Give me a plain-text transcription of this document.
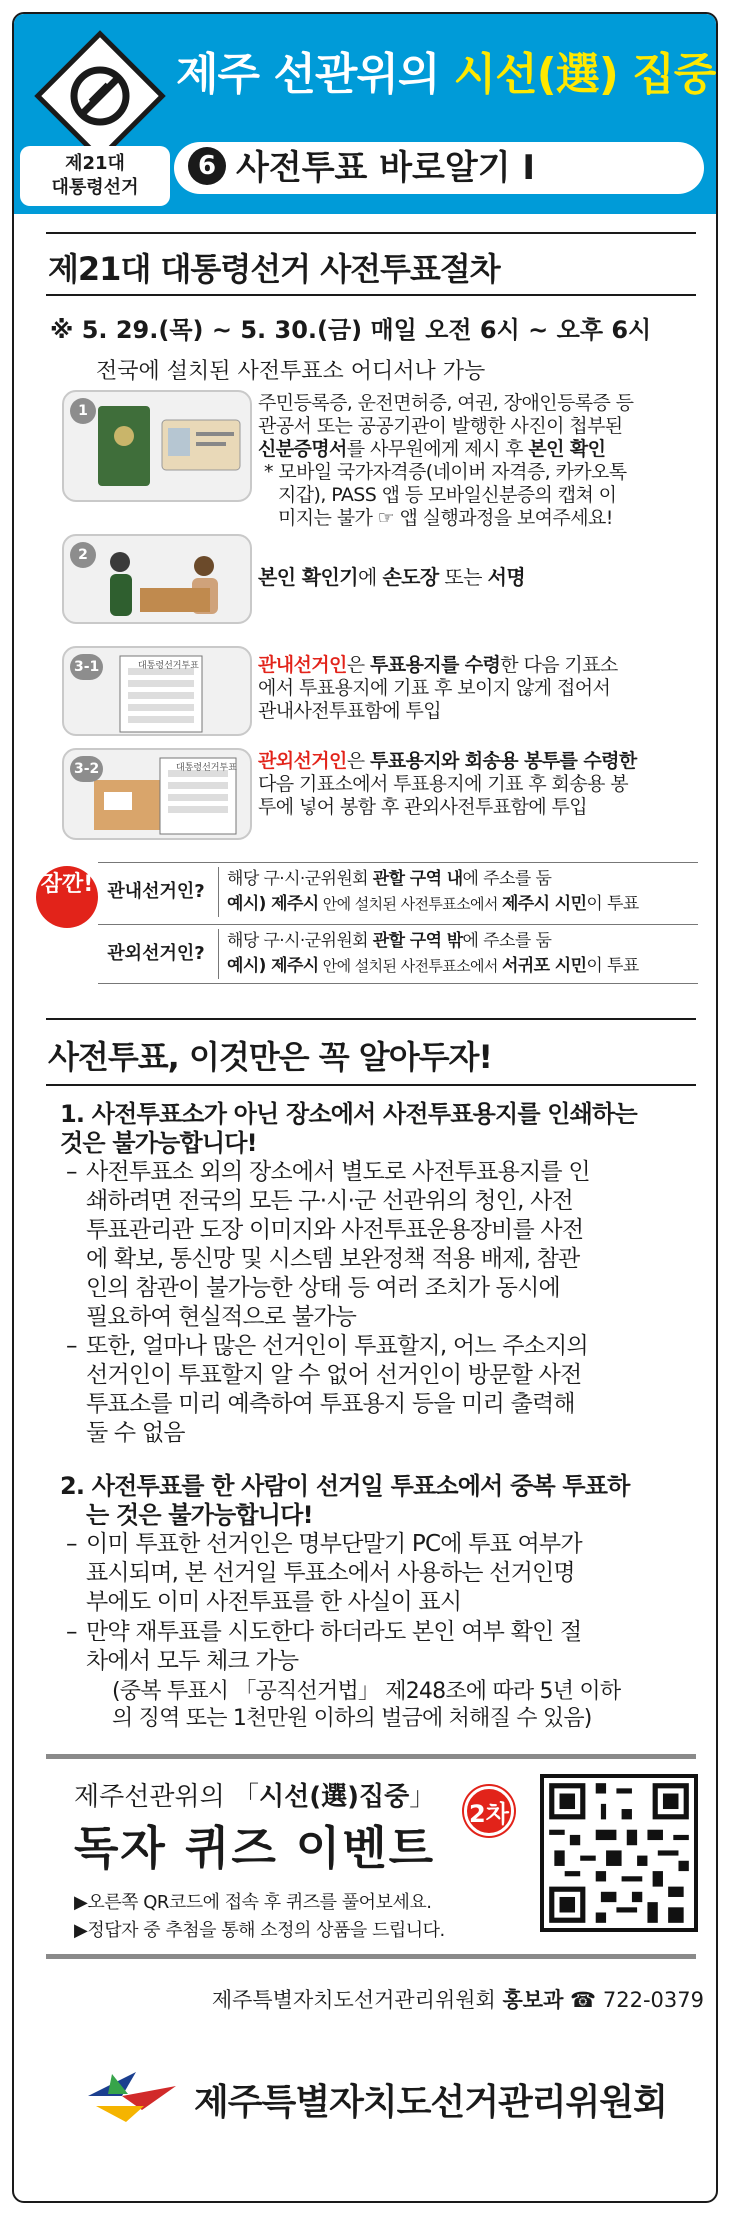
제21대
대통령선거
제주 선관위의 시선(選) 집중
6 사전투표 바로알기 Ⅰ
제21대 대통령선거 사전투표절차
※ 5. 29.(목) ~ 5. 30.(금) 매일 오전 6시 ~ 오후 6시
전국에 설치된 사전투표소 어디서나 가능
1	주민등록증, 운전면허증, 여권, 장애인등록증 등
관공서 또는 공공기관이 발행한 사진이 첩부된
신분증명서를 사무원에게 제시 후 본인 확인
* 모바일 국가자격증(네이버 자격증, 카카오톡
지갑), PASS 앱 등 모바일신분증의 캡쳐 이
미지는 불가 ☞ 앱 실행과정을 보여주세요!
2
본인 확인기에 손도장 또는 서명
3-1	대통령선거투표	관내선거인은 투표용지를 수령한 다음 기표소
에서 투표용지에 기표 후 보이지 않게 접어서
관내사전투표함에 투입
3-2	대통령선거투표 관외선거인은 투표용지와 회송용 봉투를 수령한
다음 기표소에서 투표용지에 기표 후 회송용 봉
투에 넣어 봉함 후 관외사전투표함에 투입
잠깐! 관내선거인?
해당 구·시·군위원회 관할 구역 내에 주소를 둠
예시) 제주시 안에 설치된 사전투표소에서 제주시 시민이 투표
관외선거인?
해당 구·시·군위원회 관할 구역 밖에 주소를 둠
예시) 제주시 안에 설치된 사전투표소에서 서귀포 시민이 투표
사전투표, 이것만은 꼭 알아두자!
1. 사전투표소가 아닌 장소에서 사전투표용지를 인쇄하는
것은 불가능합니다!
– 사전투표소 외의 장소에서 별도로 사전투표용지를 인
쇄하려면 전국의 모든 구·시·군 선관위의 청인, 사전
투표관리관 도장 이미지와 사전투표운용장비를 사전
에 확보, 통신망 및 시스템 보완정책 적용 배제, 참관
인의 참관이 불가능한 상태 등 여러 조치가 동시에
필요하여 현실적으로 불가능
– 또한, 얼마나 많은 선거인이 투표할지, 어느 주소지의
선거인이 투표할지 알 수 없어 선거인이 방문할 사전
투표소를 미리 예측하여 투표용지 등을 미리 출력해
둘 수 없음
2. 사전투표를 한 사람이 선거일 투표소에서 중복 투표하
는 것은 불가능합니다!
– 이미 투표한 선거인은 명부단말기 PC에 투표 여부가
표시되며, 본 선거일 투표소에서 사용하는 선거인명
부에도 이미 사전투표를 한 사실이 표시
– 만약 재투표를 시도한다 하더라도 본인 여부 확인 절
차에서 모두 체크 가능
(중복 투표시 「공직선거법」 제248조에 따라 5년 이하
의 징역 또는 1천만원 이하의 벌금에 처해질 수 있음)
제주선관위의 「시선(選)집중」
독자 퀴즈 이벤트
2차
▶오른쪽 QR코드에 접속 후 퀴즈를 풀어보세요.
▶정답자 중 추첨을 통해 소정의 상품을 드립니다.
제주특별자치도선거관리위원회 홍보과 ☎ 722-0379
제주특별자치도선거관리위원회
